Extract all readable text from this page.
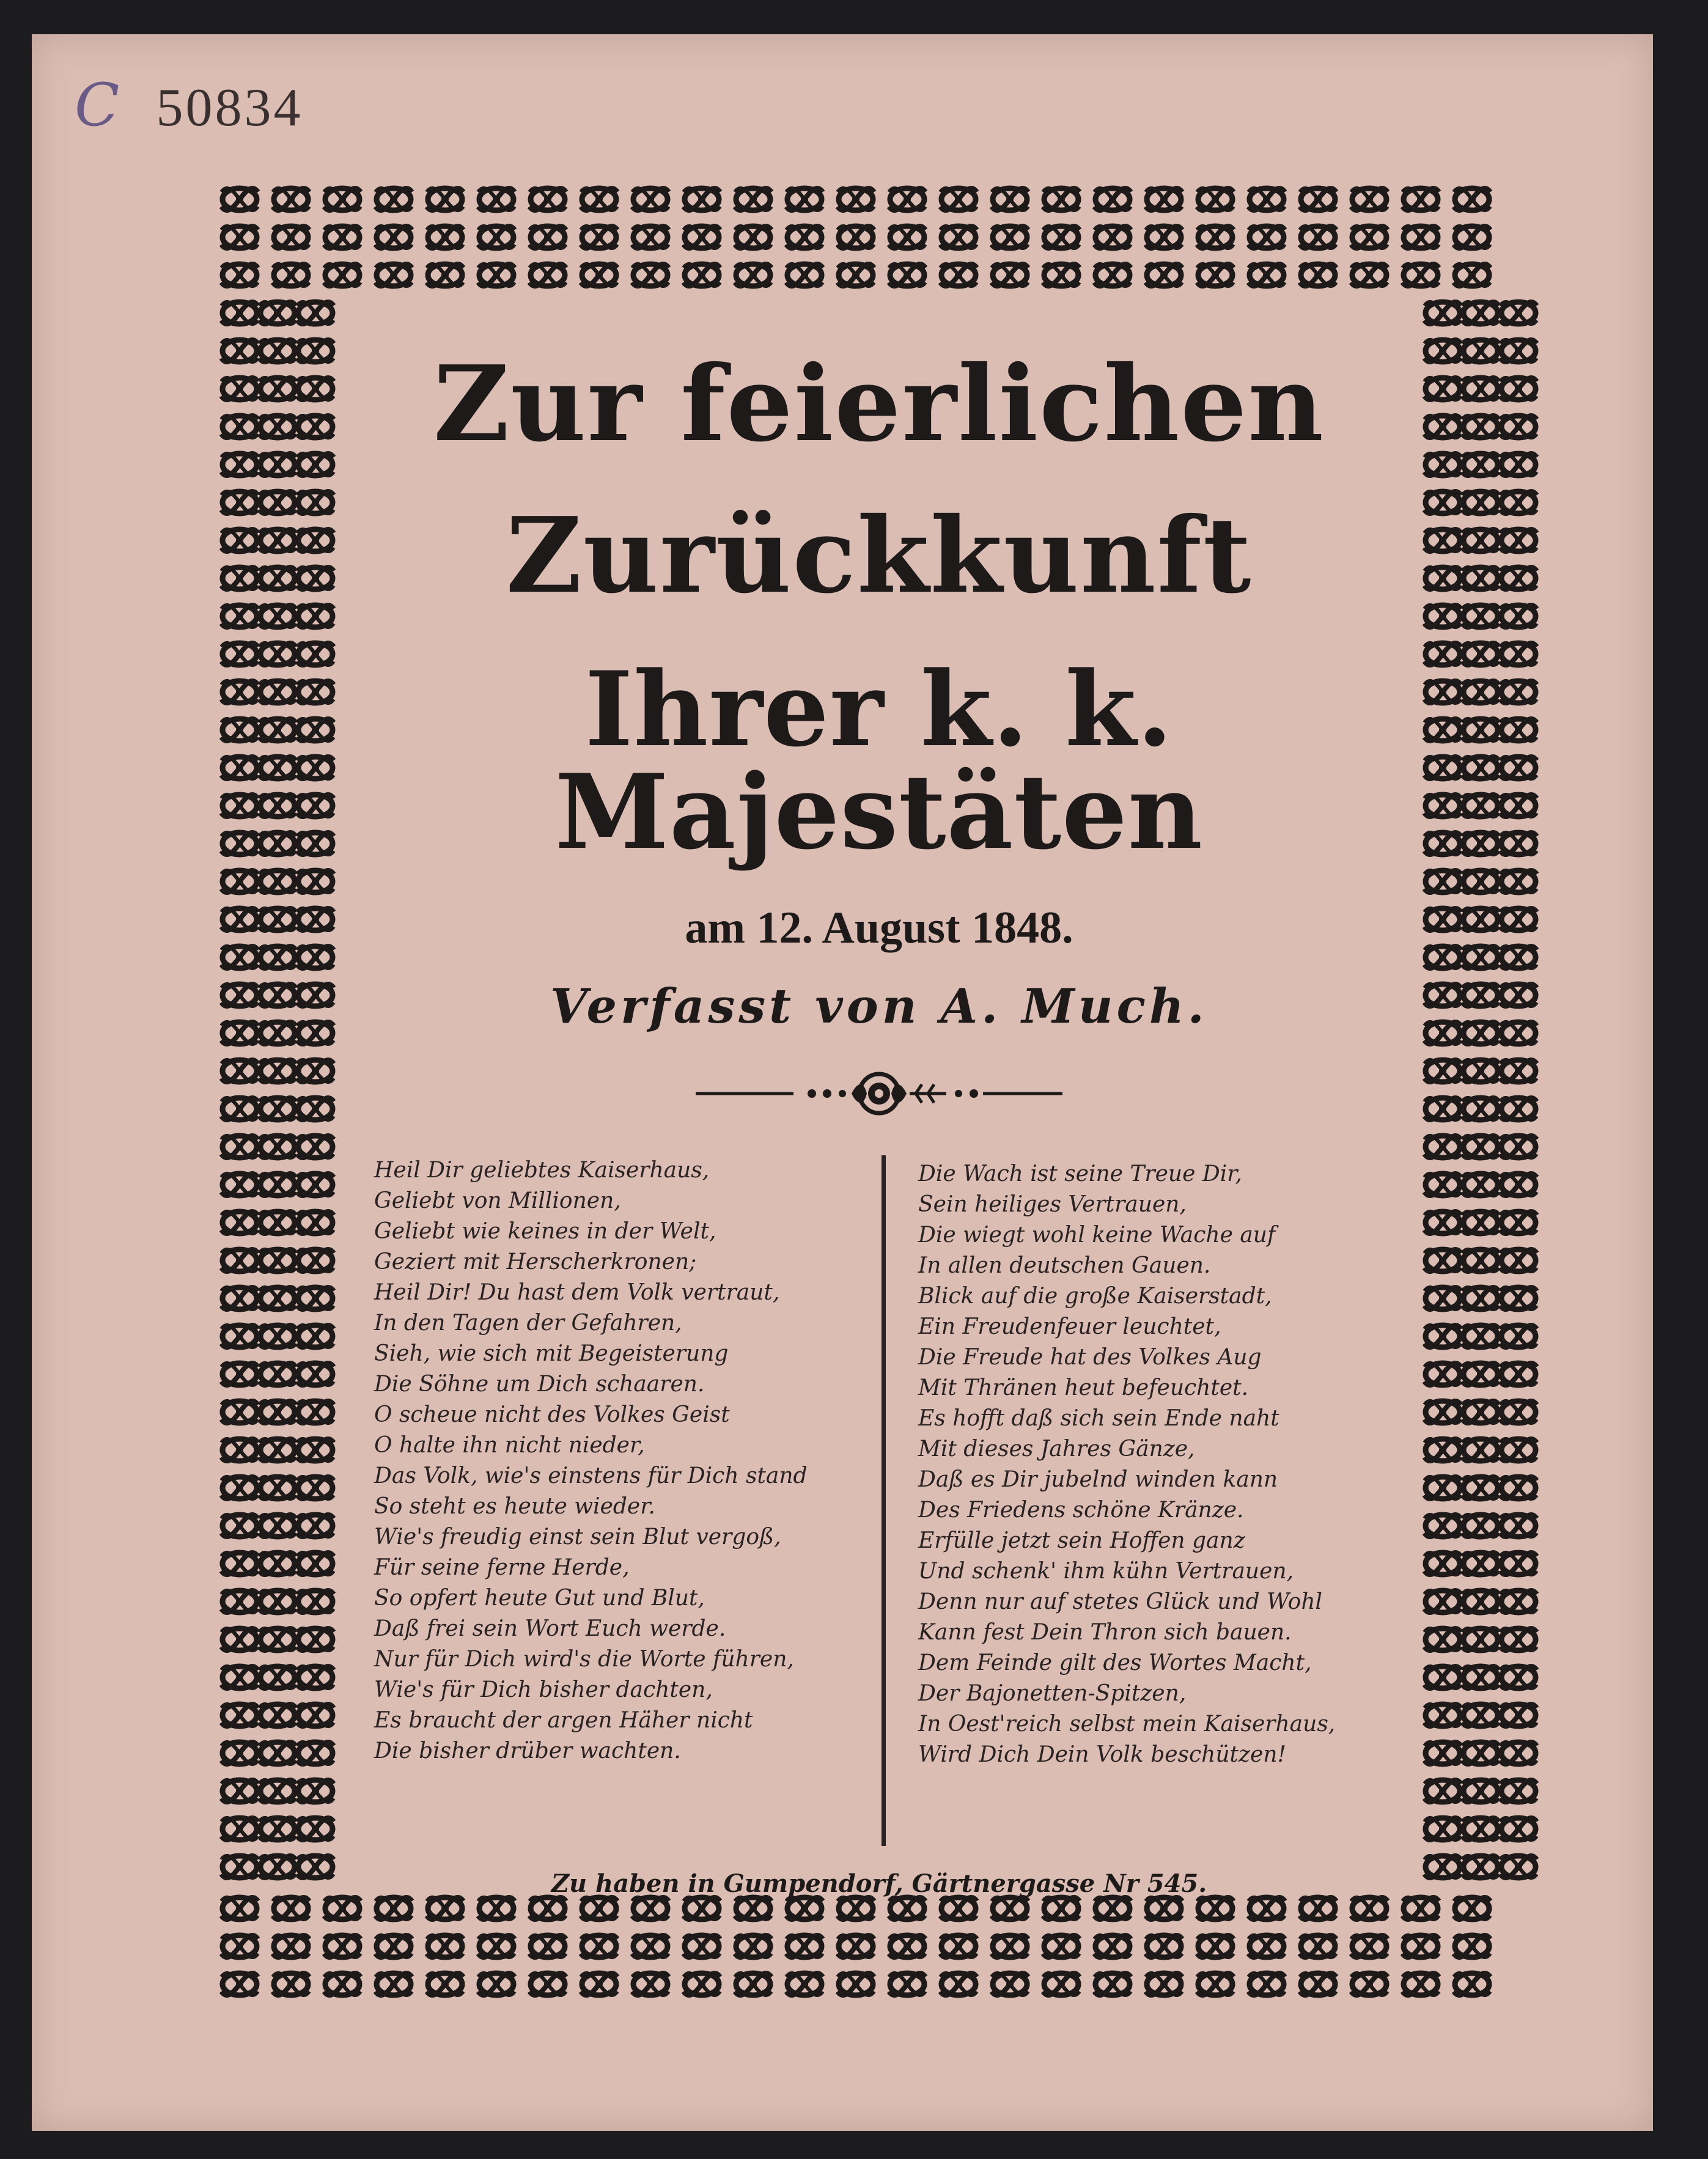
C 50834
Zur feierlichen
Zurückkunft
Ihrer k. k. Majestäten
am 12. August 1848.
Verfasst von A. Much.
Heil Dir geliebtes Kaiserhaus,
Geliebt von Millionen,
Geliebt wie keines in der Welt,
Geziert mit Herscherkronen;
Heil Dir! Du hast dem Volk vertraut,
In den Tagen der Gefahren,
Sieh, wie sich mit Begeisterung
Die Söhne um Dich schaaren.
O scheue nicht des Volkes Geist
O halte ihn nicht nieder,
Das Volk, wie's einstens für Dich stand
So steht es heute wieder.
Wie's freudig einst sein Blut vergoß,
Für seine ferne Herde,
So opfert heute Gut und Blut,
Daß frei sein Wort Euch werde.
Nur für Dich wird's die Worte führen,
Wie's für Dich bisher dachten,
Es braucht der argen Häher nicht
Die bisher drüber wachten.
Die Wach ist seine Treue Dir,
Sein heiliges Vertrauen,
Die wiegt wohl keine Wache auf
In allen deutschen Gauen.
Blick auf die große Kaiserstadt,
Ein Freudenfeuer leuchtet,
Die Freude hat des Volkes Aug
Mit Thränen heut befeuchtet.
Es hofft daß sich sein Ende naht
Mit dieses Jahres Gänze,
Daß es Dir jubelnd winden kann
Des Friedens schöne Kränze.
Erfülle jetzt sein Hoffen ganz
Und schenk' ihm kühn Vertrauen,
Denn nur auf stetes Glück und Wohl
Kann fest Dein Thron sich bauen.
Dem Feinde gilt des Wortes Macht,
Der Bajonetten-Spitzen,
In Oest'reich selbst mein Kaiserhaus,
Wird Dich Dein Volk beschützen!
Zu haben in Gumpendorf, Gärtnergasse Nr 545.
